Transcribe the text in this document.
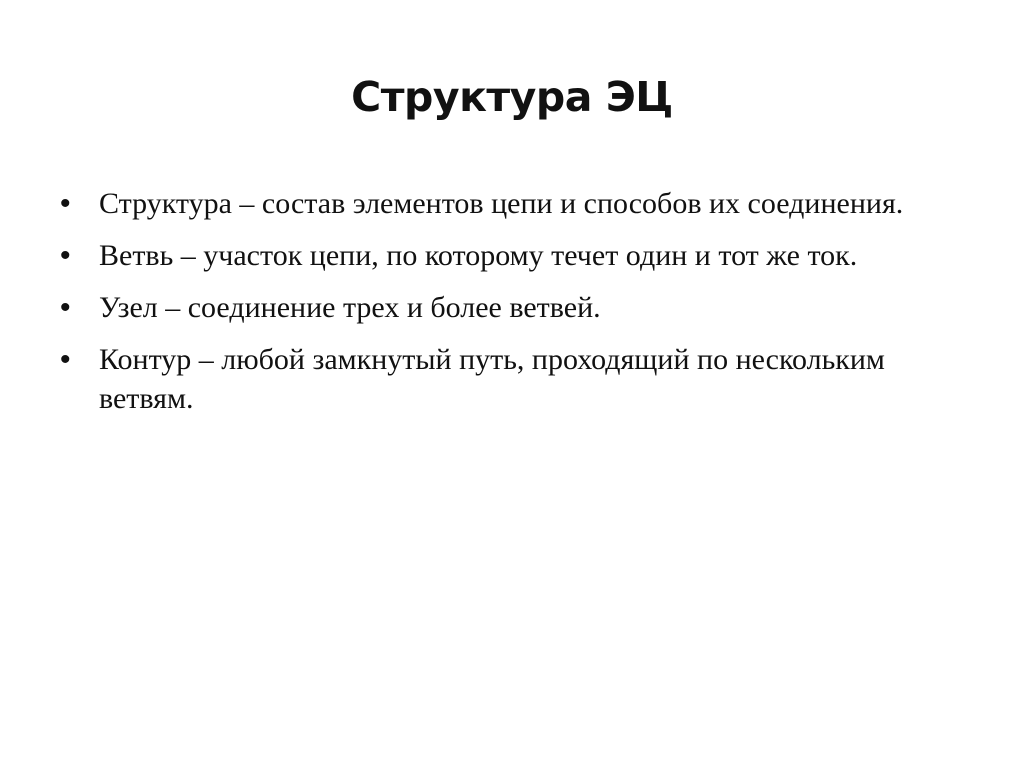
Структура ЭЦ
• Структура – состав элементов цепи и способов их соединения.
• Ветвь – участок цепи, по которому течет один и тот же ток.
• Узел – соединение трех и более ветвей.
• Контур – любой замкнутый путь, проходящий по нескольким ветвям.
